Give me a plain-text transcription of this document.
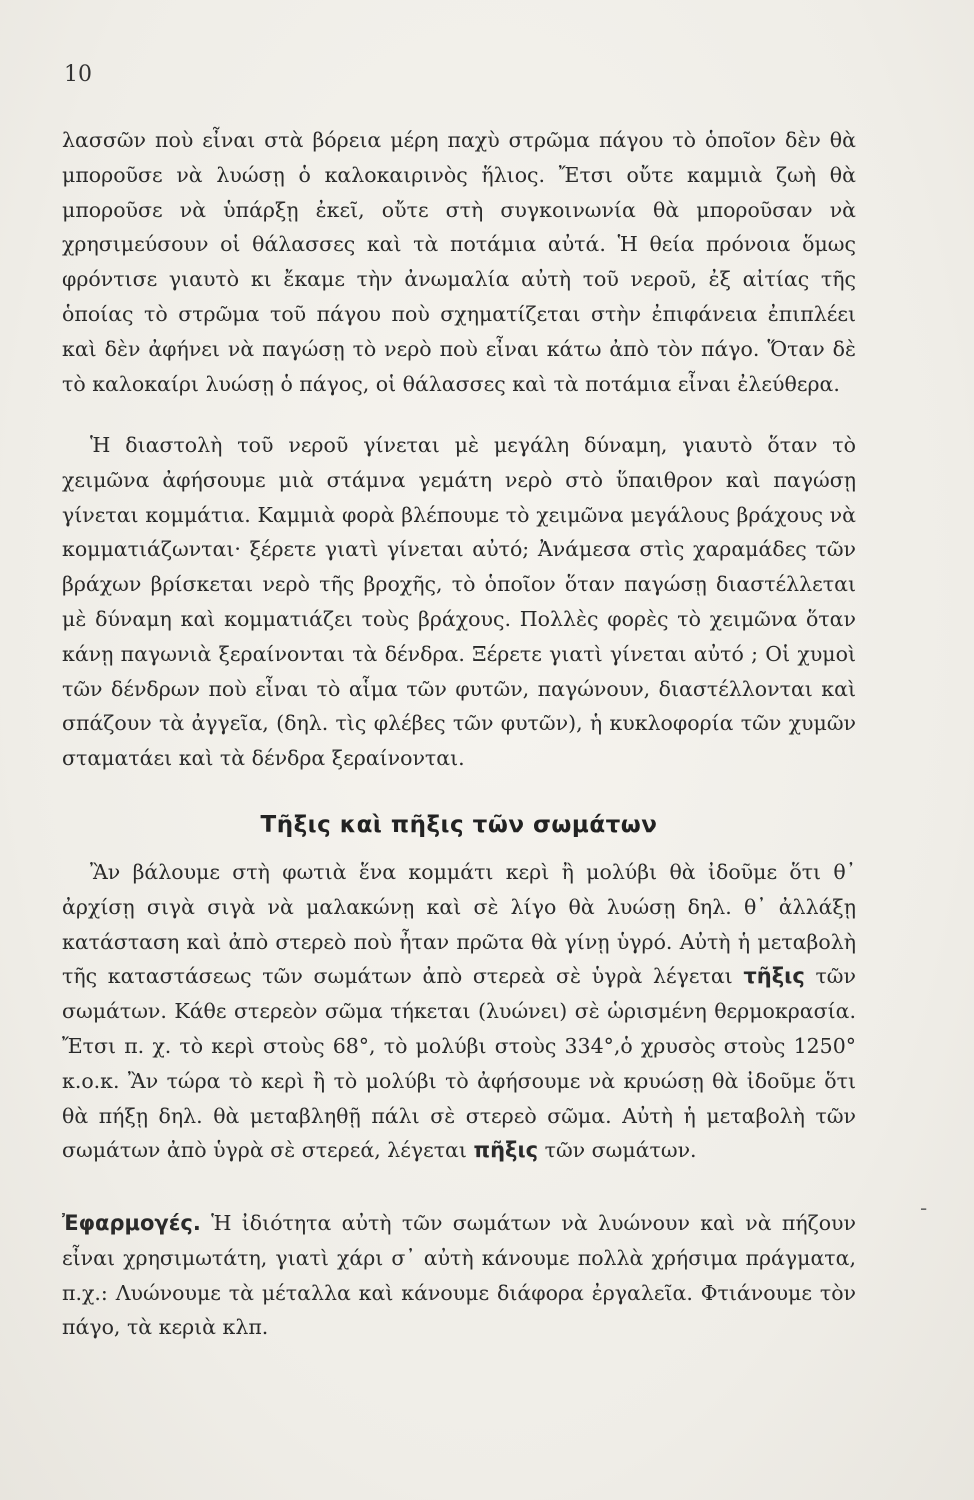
10

λασσῶν ποὺ εἶναι στὰ βόρεια μέρη παχὺ στρῶμα πάγου τὸ ὁποῖον δὲν θὰ μποροῦσε νὰ λυώσῃ ὁ καλοκαιρινὸς ἥλιος. Ἔτσι οὔτε καμμιὰ ζωὴ θὰ μποροῦσε νὰ ὑπάρξῃ ἐκεῖ, οὔτε στὴ συγκοινωνία θὰ μποροῦσαν νὰ χρησιμεύσουν οἱ θάλασσες καὶ τὰ ποτάμια αὐτά. Ἡ θεία πρόνοια ὅμως φρόντισε γιαυτὸ κι ἔκαμε τὴν ἀνωμαλία αὐτὴ τοῦ νεροῦ, ἐξ αἰτίας τῆς ὁποίας τὸ στρῶμα τοῦ πάγου ποὺ σχηματίζεται στὴν ἐπιφάνεια ἐπιπλέει καὶ δὲν ἀφήνει νὰ παγώσῃ τὸ νερὸ ποὺ εἶναι κάτω ἀπὸ τὸν πάγο. Ὅταν δὲ τὸ καλοκαίρι λυώσῃ ὁ πάγος, οἱ θάλασσες καὶ τὰ ποτάμια εἶναι ἐλεύθερα.

Ἡ διαστολὴ τοῦ νεροῦ γίνεται μὲ μεγάλη δύναμη, γιαυτὸ ὅταν τὸ χειμῶνα ἀφήσουμε μιὰ στάμνα γεμάτη νερὸ στὸ ὕπαιθρον καὶ παγώσῃ γίνεται κομμάτια. Καμμιὰ φορὰ βλέπουμε τὸ χειμῶνα μεγάλους βράχους νὰ κομματιάζωνται· ξέρετε γιατὶ γίνεται αὐτό; Ἀνάμεσα στὶς χαραμάδες τῶν βράχων βρίσκεται νερὸ τῆς βροχῆς, τὸ ὁποῖον ὅταν παγώσῃ διαστέλλεται μὲ δύναμη καὶ κομματιάζει τοὺς βράχους. Πολλὲς φορὲς τὸ χειμῶνα ὅταν κάνῃ παγωνιὰ ξεραίνονται τὰ δένδρα. Ξέρετε γιατὶ γίνεται αὐτό ; Οἱ χυμοὶ τῶν δένδρων ποὺ εἶναι τὸ αἷμα τῶν φυτῶν, παγώνουν, διαστέλλονται καὶ σπάζουν τὰ ἀγγεῖα, (δηλ. τὶς φλέβες τῶν φυτῶν), ἡ κυκλοφορία τῶν χυμῶν σταματάει καὶ τὰ δένδρα ξεραίνονται.

Τῆξις καὶ πῆξις τῶν σωμάτων

Ἂν βάλουμε στὴ φωτιὰ ἕνα κομμάτι κερὶ ἢ μολύβι θὰ ἰδοῦμε ὅτι θ᾽ ἀρχίσῃ σιγὰ σιγὰ νὰ μαλακώνῃ καὶ σὲ λίγο θὰ λυώσῃ δηλ. θ᾽ ἀλλάξῃ κατάσταση καὶ ἀπὸ στερεὸ ποὺ ἦταν πρῶτα θὰ γίνῃ ὑγρό. Αὐτὴ ἡ μεταβολὴ τῆς καταστάσεως τῶν σωμάτων ἀπὸ στερεὰ σὲ ὑγρὰ λέγεται τῆξις τῶν σωμάτων. Κάθε στερεὸν σῶμα τήκεται (λυώνει) σὲ ὡρισμένη θερμοκρασία. Ἔτσι π. χ. τὸ κερὶ στοὺς 68°, τὸ μολύβι στοὺς 334°,ὁ χρυσὸς στοὺς 1250° κ.ο.κ. Ἂν τώρα τὸ κερὶ ἢ τὸ μολύβι τὸ ἀφήσουμε νὰ κρυώσῃ θὰ ἰδοῦμε ὅτι θὰ πήξῃ δηλ. θὰ μεταβληθῇ πάλι σὲ στερεὸ σῶμα. Αὐτὴ ἡ μεταβολὴ τῶν σωμάτων ἀπὸ ὑγρὰ σὲ στερεά, λέγεται πῆξις τῶν σωμάτων.

Ἐφαρμογές. Ἡ ἰδιότητα αὐτὴ τῶν σωμάτων νὰ λυώνουν καὶ νὰ πήζουν εἶναι χρησιμωτάτη, γιατὶ χάρι σ᾽ αὐτὴ κάνουμε πολλὰ χρήσιμα πράγματα, π.χ.: Λυώνουμε τὰ μέταλλα καὶ κάνουμε διάφορα ἐργαλεῖα. Φτιάνουμε τὸν πάγο, τὰ κεριὰ κλπ.

-
